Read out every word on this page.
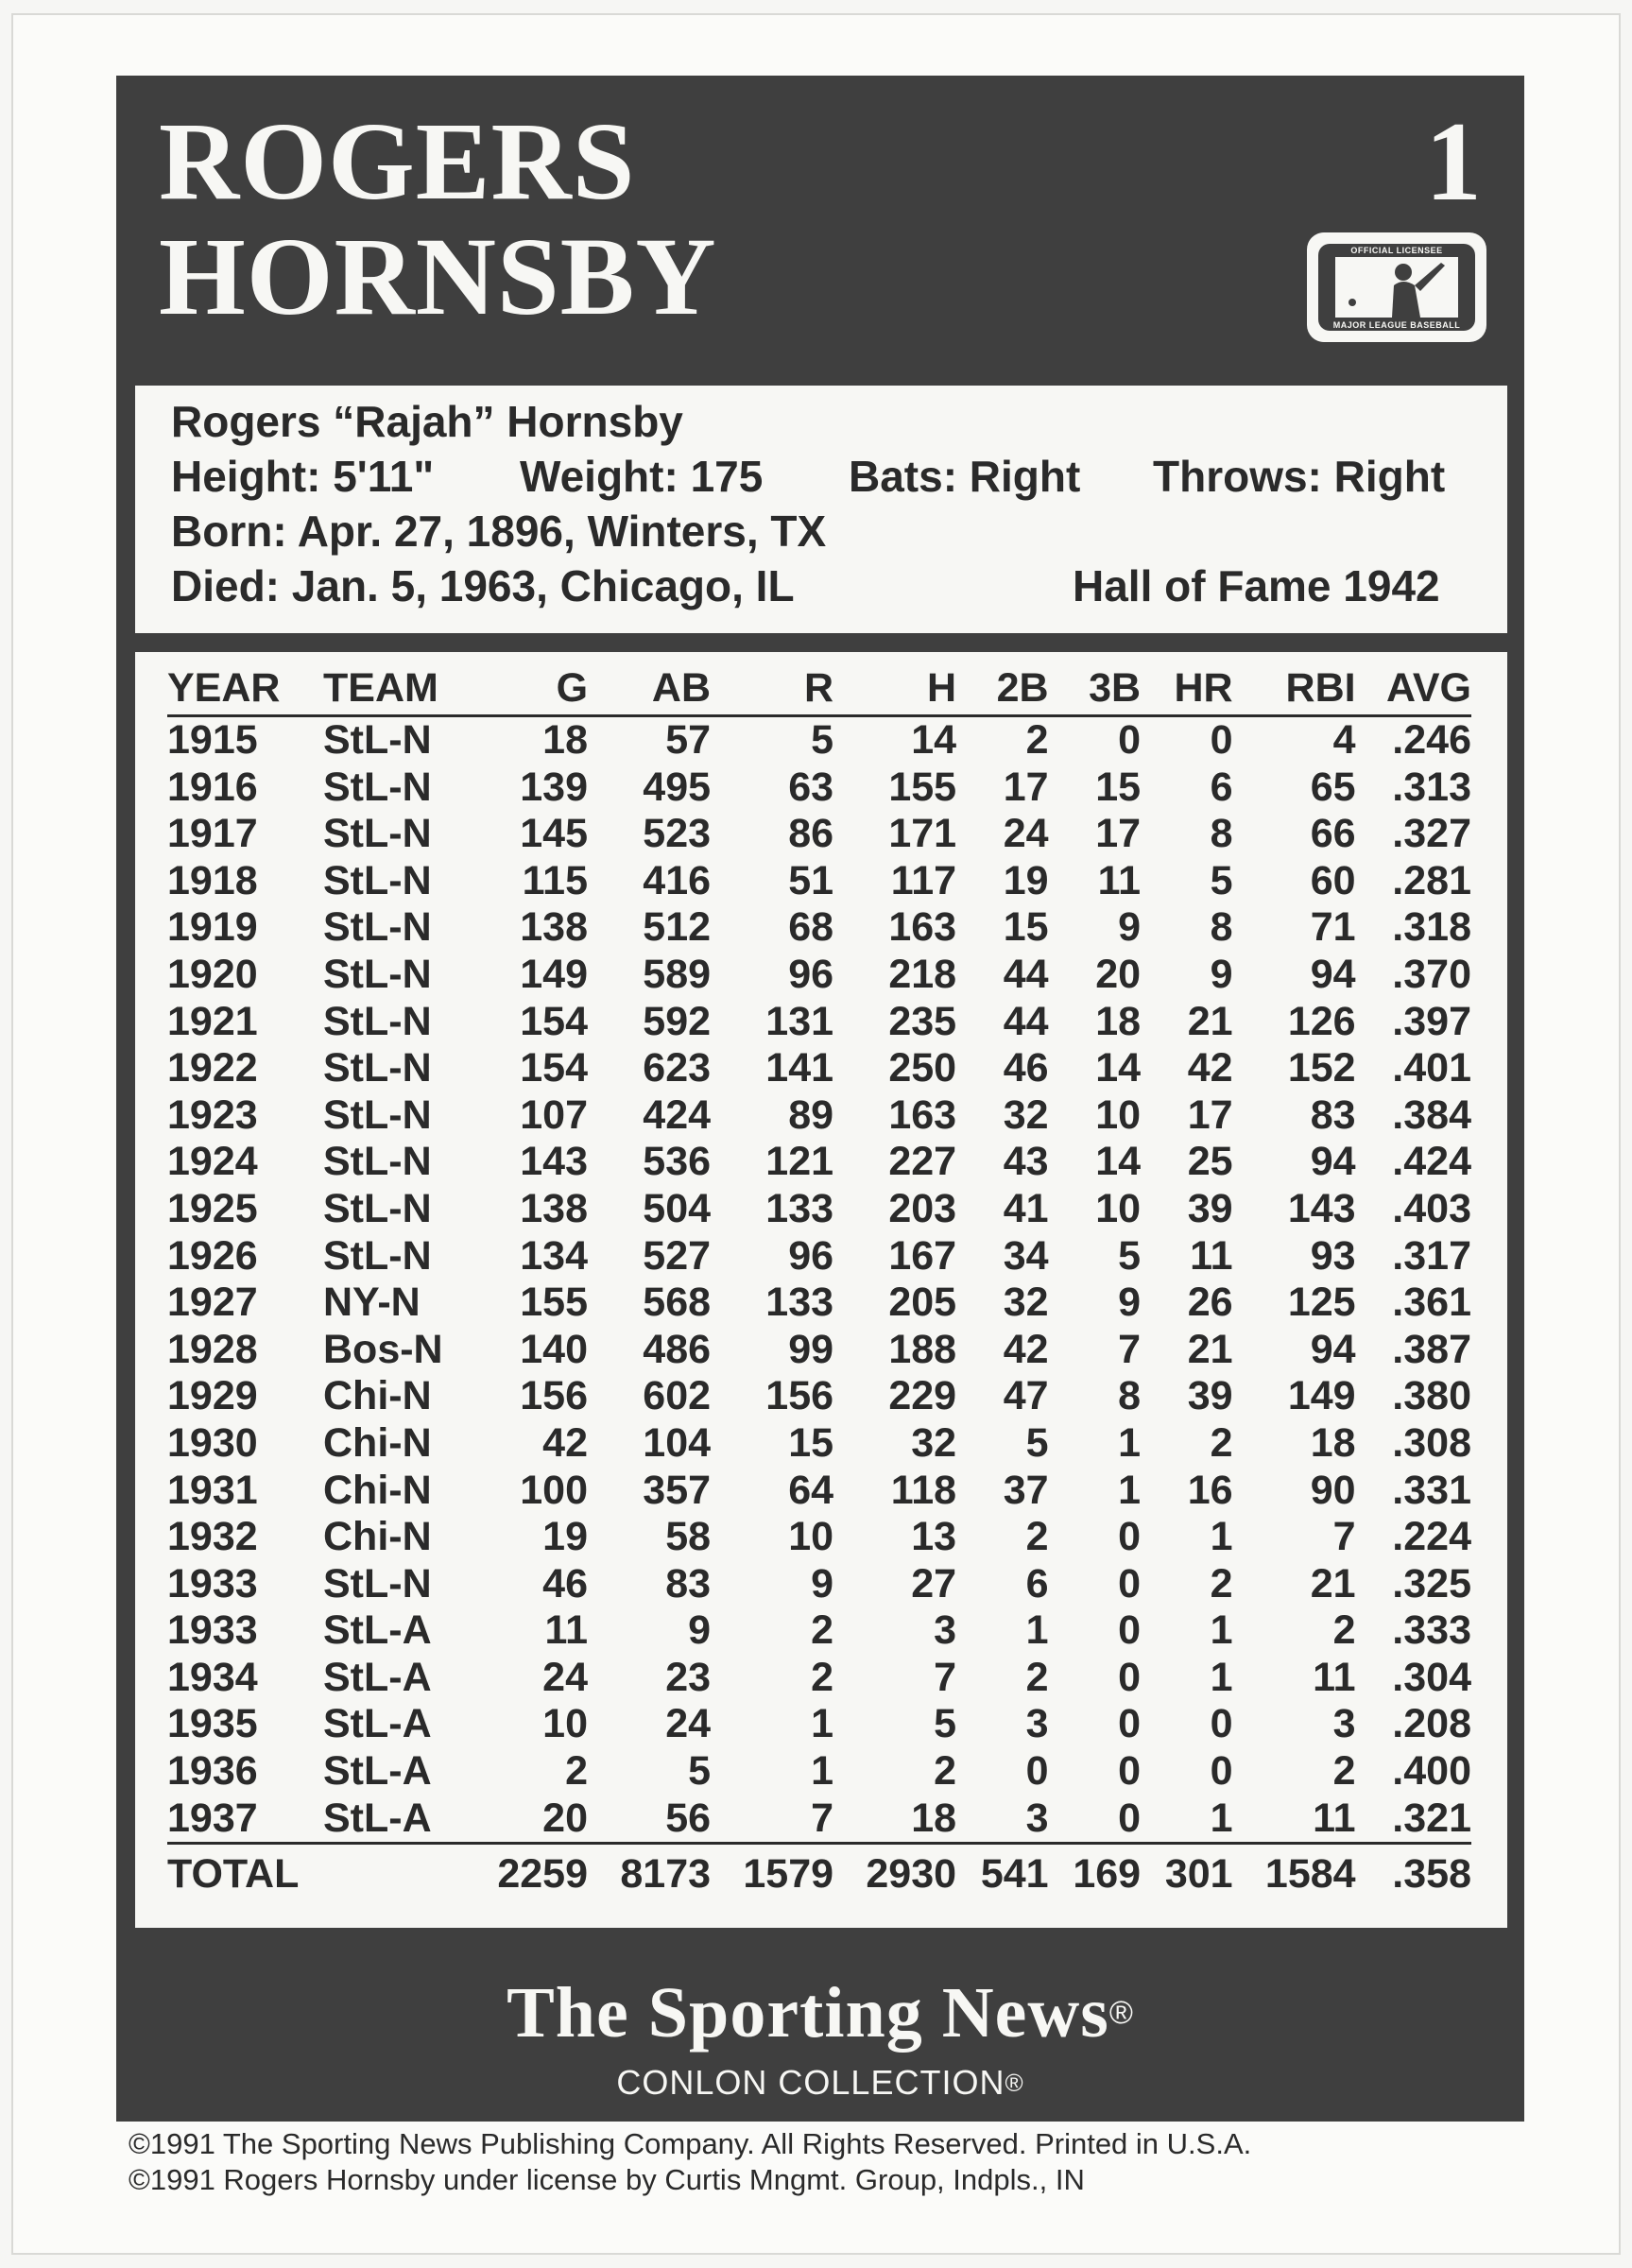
ROGERS
HORNSBY
1
OFFICIAL LICENSEE
MAJOR LEAGUE BASEBALL
Rogers “Rajah” Hornsby
Height: 5'11" Weight: 175 Bats: Right Throws: Right
Born: Apr. 27, 1896, Winters, TX
Died: Jan. 5, 1963, Chicago, IL	Hall of Fame 1942
YEAR	TEAM	G	AB	R	H	2B	3B	HR	RBI	AVG
1915	StL-N	18	57	5	14	2	0	0	4	.246
1916	StL-N	139	495	63	155	17	15	6	65	.313
1917	StL-N	145	523	86	171	24	17	8	66	.327
1918	StL-N	115	416	51	117	19	11	5	60	.281
1919	StL-N	138	512	68	163	15	9	8	71	.318
1920	StL-N	149	589	96	218	44	20	9	94	.370
1921	StL-N	154	592	131	235	44	18	21	126	.397
1922	StL-N	154	623	141	250	46	14	42	152	.401
1923	StL-N	107	424	89	163	32	10	17	83	.384
1924	StL-N	143	536	121	227	43	14	25	94	.424
1925	StL-N	138	504	133	203	41	10	39	143	.403
1926	StL-N	134	527	96	167	34	5	11	93	.317
1927	NY-N	155	568	133	205	32	9	26	125	.361
1928	Bos-N	140	486	99	188	42	7	21	94	.387
1929	Chi-N	156	602	156	229	47	8	39	149	.380
1930	Chi-N	42	104	15	32	5	1	2	18	.308
1931	Chi-N	100	357	64	118	37	1	16	90	.331
1932	Chi-N	19	58	10	13	2	0	1	7	.224
1933	StL-N	46	83	9	27	6	0	2	21	.325
1933	StL-A	11	9	2	3	1	0	1	2	.333
1934	StL-A	24	23	2	7	2	0	1	11	.304
1935	StL-A	10	24	1	5	3	0	0	3	.208
1936	StL-A	2	5	1	2	0	0	0	2	.400
1937	StL-A	20	56	7	18	3	0	1	11	.321
TOTAL		2259	8173	1579	2930	541	169	301	1584	.358
The Sporting News®
CONLON COLLECTION®
©1991 The Sporting News Publishing Company. All Rights Reserved. Printed in U.S.A.
©1991 Rogers Hornsby under license by Curtis Mngmt. Group, Indpls., IN
